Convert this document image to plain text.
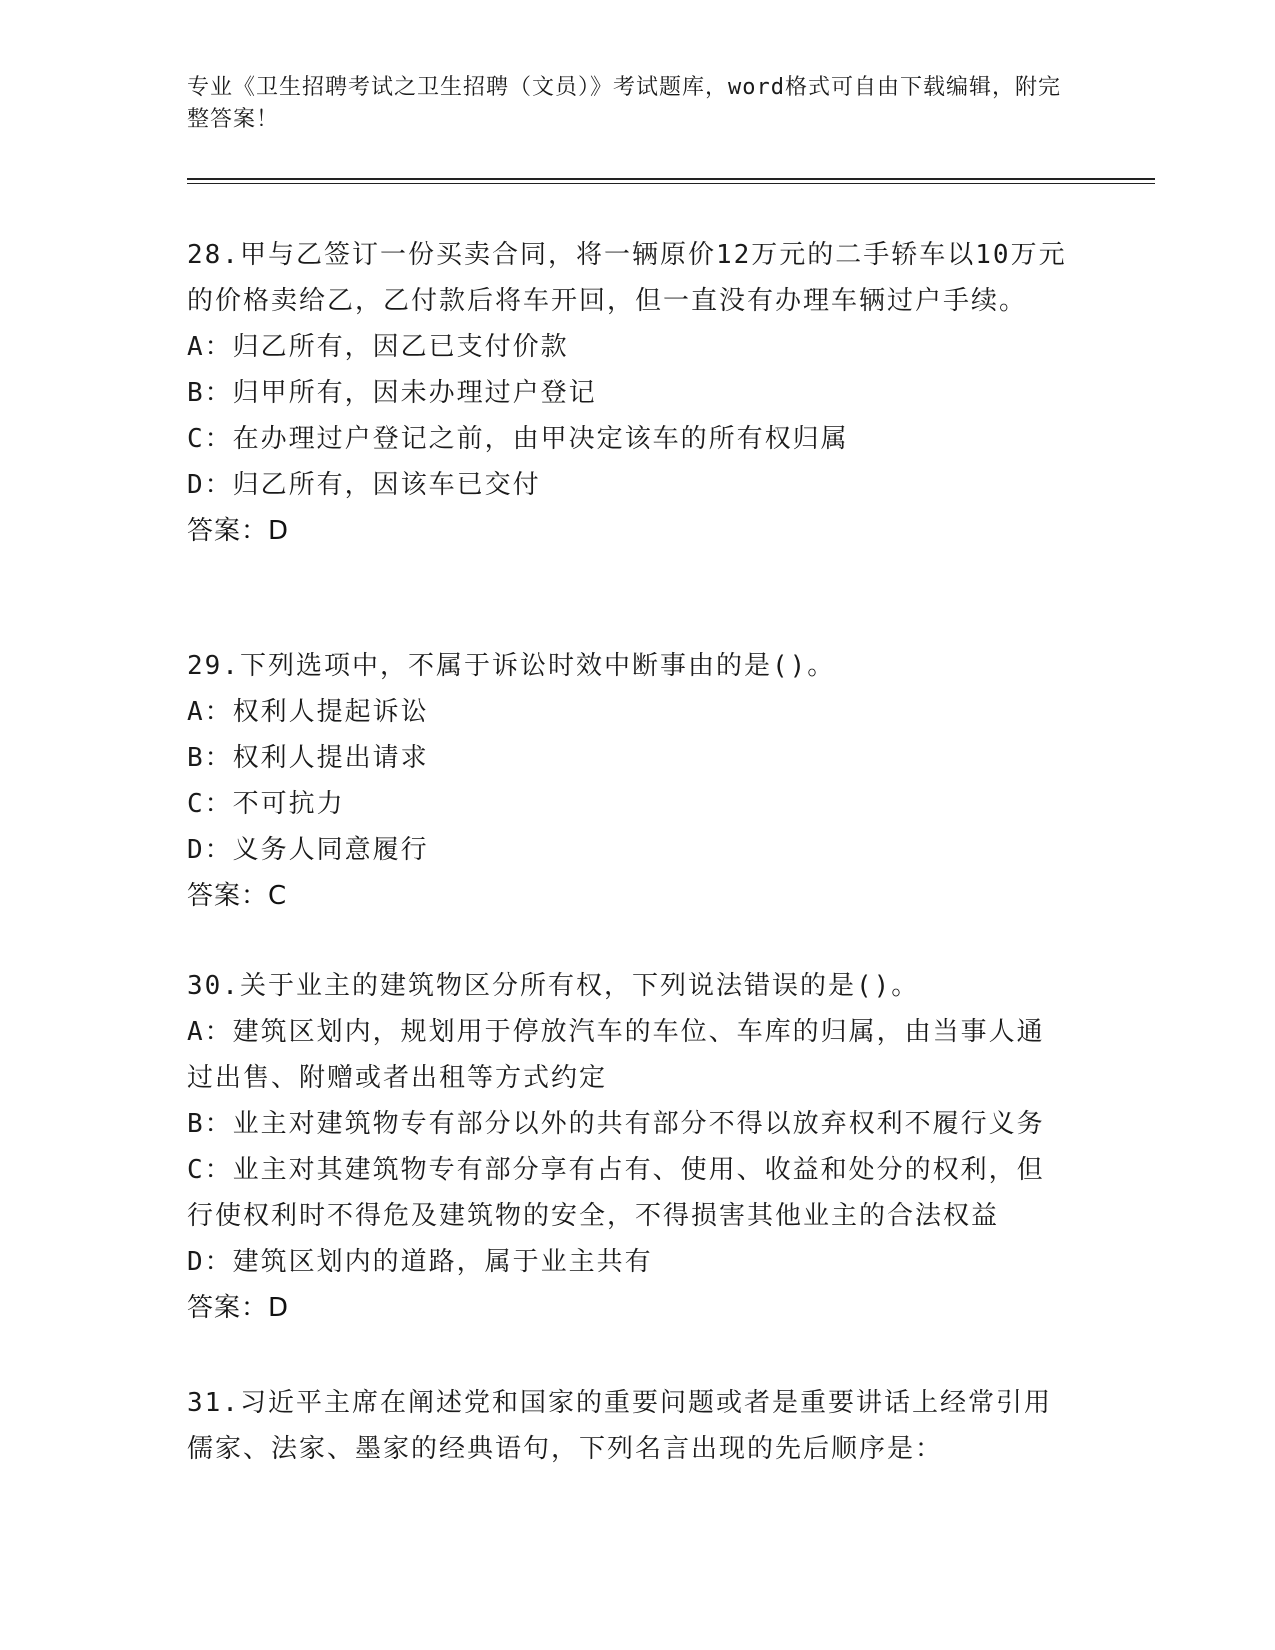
专业《卫生招聘考试之卫生招聘（文员）》考试题库，word格式可自由下载编辑，附完整答案！

28.甲与乙签订一份买卖合同，将一辆原价12万元的二手轿车以10万元的价格卖给乙，乙付款后将车开回，但一直没有办理车辆过户手续。

A：归乙所有，因乙已支付价款

B：归甲所有，因未办理过户登记

C：在办理过户登记之前，由甲决定该车的所有权归属

D：归乙所有，因该车已交付

答案：D

29.下列选项中，不属于诉讼时效中断事由的是()。

A：权利人提起诉讼

B：权利人提出请求

C：不可抗力

D：义务人同意履行

答案：C

30.关于业主的建筑物区分所有权，下列说法错误的是()。

A：建筑区划内，规划用于停放汽车的车位、车库的归属，由当事人通过出售、附赠或者出租等方式约定

B：业主对建筑物专有部分以外的共有部分不得以放弃权利不履行义务

C：业主对其建筑物专有部分享有占有、使用、收益和处分的权利，但行使权利时不得危及建筑物的安全，不得损害其他业主的合法权益

D：建筑区划内的道路，属于业主共有

答案：D

31.习近平主席在阐述党和国家的重要问题或者是重要讲话上经常引用儒家、法家、墨家的经典语句，下列名言出现的先后顺序是：
